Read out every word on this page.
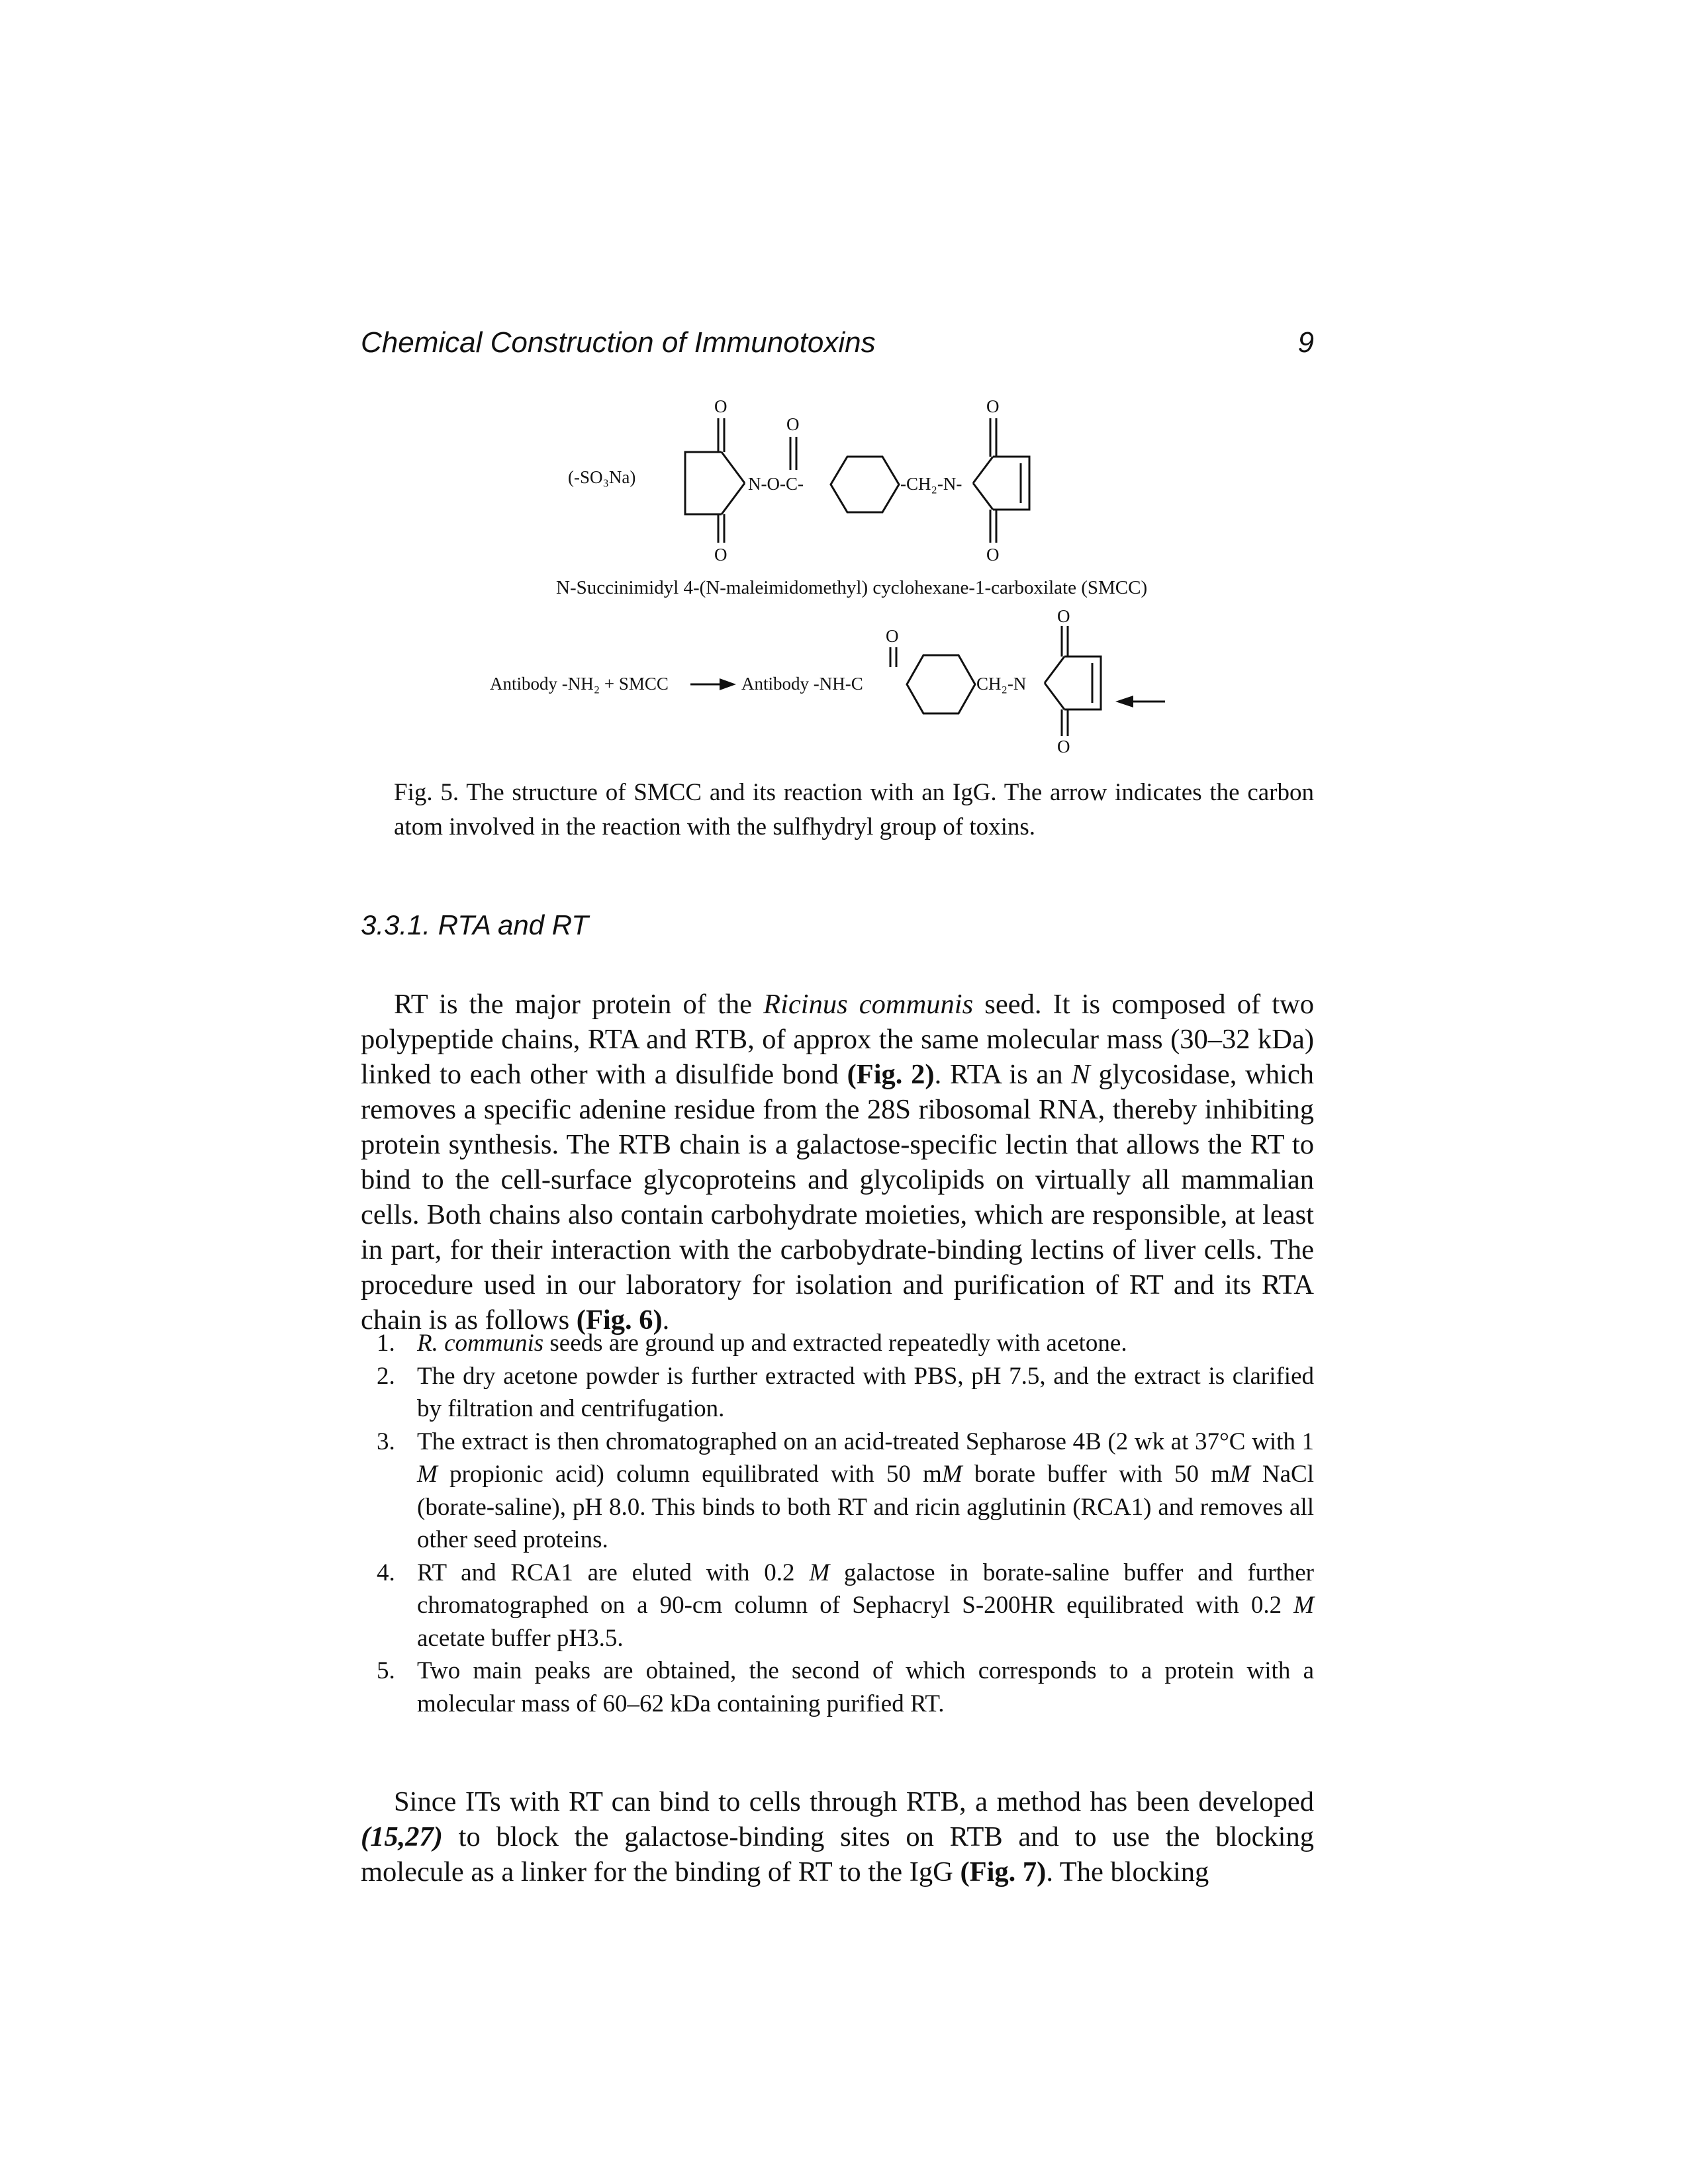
Chemical Construction of Immunotoxins	9
(-SO₃Na)
O
O
N-O-C-
O
-CH₂-N-
O
O
N-Succinimidyl 4-(N-maleimidomethyl) cyclohexane-1-carboxilate (SMCC)
Antibody -NH₂ + SMCC	Antibody -NH-C
O
CH₂-N
O
O
Fig. 5. The structure of SMCC and its reaction with an IgG. The arrow indicates the carbon atom involved in the reaction with the sulfhydryl group of toxins.
3.3.1. RTA and RT

RT is the major protein of the Ricinus communis seed. It is composed of two polypeptide chains, RTA and RTB, of approx the same molecular mass (30–32 kDa) linked to each other with a disulfide bond (Fig. 2). RTA is an N glycosidase, which removes a specific adenine residue from the 28S ribosomal RNA, thereby inhibiting protein synthesis. The RTB chain is a galactose-specific lectin that allows the RT to bind to the cell-surface glycoproteins and glycolipids on virtually all mammalian cells. Both chains also contain carbohydrate moieties, which are responsible, at least in part, for their interaction with the carbobydrate-binding lectins of liver cells. The procedure used in our laboratory for isolation and purification of RT and its RTA chain is as follows (Fig. 6).

1. R. communis seeds are ground up and extracted repeatedly with acetone.
2. The dry acetone powder is further extracted with PBS, pH 7.5, and the extract is clarified by filtration and centrifugation.
3. The extract is then chromatographed on an acid-treated Sepharose 4B (2 wk at 37°C with 1 M propionic acid) column equilibrated with 50 mM borate buffer with 50 mM NaCl (borate-saline), pH 8.0. This binds to both RT and ricin agglutinin (RCA1) and removes all other seed proteins.
4. RT and RCA1 are eluted with 0.2 M galactose in borate-saline buffer and further chromatographed on a 90-cm column of Sephacryl S-200HR equilibrated with 0.2 M acetate buffer pH3.5.
5. Two main peaks are obtained, the second of which corresponds to a protein with a molecular mass of 60–62 kDa containing purified RT.

Since ITs with RT can bind to cells through RTB, a method has been developed (15,27) to block the galactose-binding sites on RTB and to use the blocking molecule as a linker for the binding of RT to the IgG (Fig. 7). The blocking
